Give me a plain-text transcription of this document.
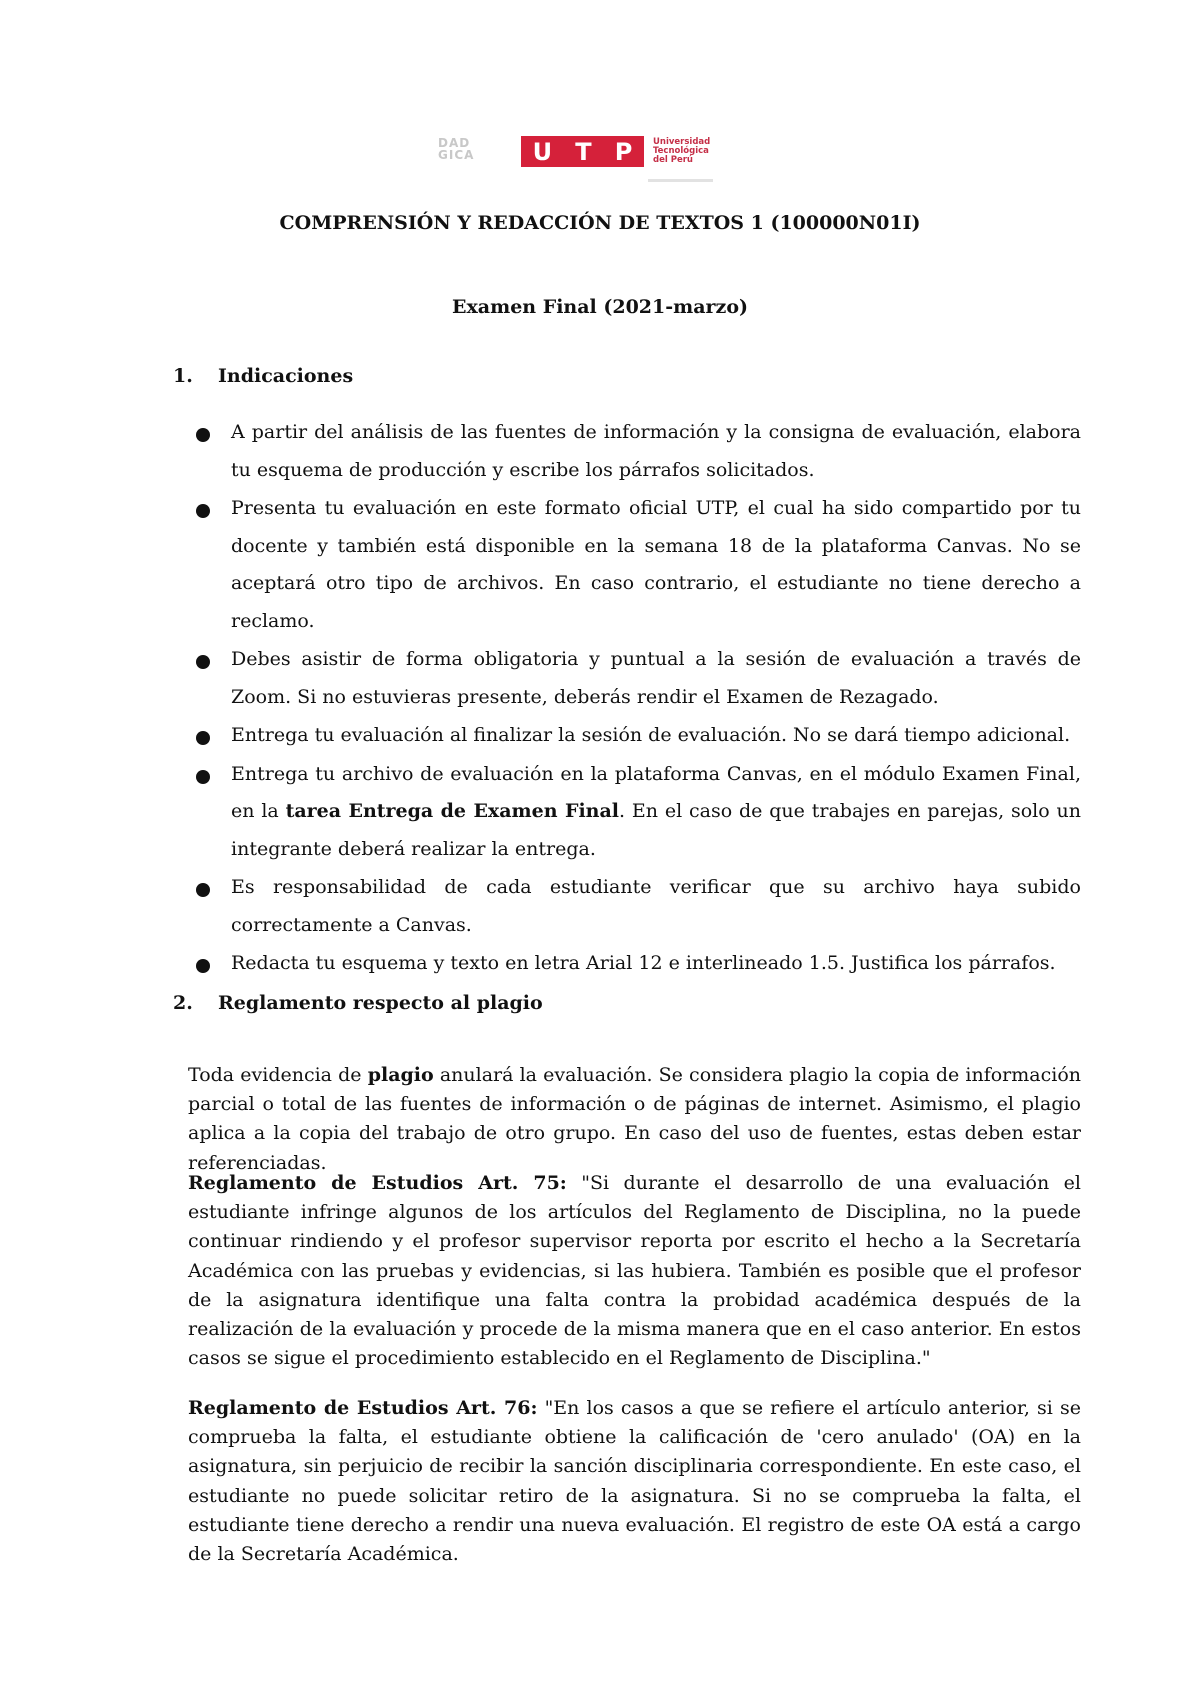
DAD
GICA U T P Universidad
Tecnológica
del Perú
COMPRENSIÓN Y REDACCIÓN DE TEXTOS 1 (100000N01I)
Examen Final (2021-marzo)
1. Indicaciones
A partir del análisis de las fuentes de información y la consigna de evaluación, elabora tu esquema de producción y escribe los párrafos solicitados.
Presenta tu evaluación en este formato oficial UTP, el cual ha sido compartido por tu docente y también está disponible en la semana 18 de la plataforma Canvas. No se aceptará otro tipo de archivos. En caso contrario, el estudiante no tiene derecho a reclamo.
Debes asistir de forma obligatoria y puntual a la sesión de evaluación a través de Zoom. Si no estuvieras presente, deberás rendir el Examen de Rezagado.
Entrega tu evaluación al finalizar la sesión de evaluación. No se dará tiempo adicional.
Entrega tu archivo de evaluación en la plataforma Canvas, en el módulo Examen Final, en la tarea Entrega de Examen Final. En el caso de que trabajes en parejas, solo un integrante deberá realizar la entrega.
Es responsabilidad de cada estudiante verificar que su archivo haya subido correctamente a Canvas.
Redacta tu esquema y texto en letra Arial 12 e interlineado 1.5. Justifica los párrafos.
2. Reglamento respecto al plagio

Toda evidencia de plagio anulará la evaluación. Se considera plagio la copia de información parcial o total de las fuentes de información o de páginas de internet. Asimismo, el plagio aplica a la copia del trabajo de otro grupo. En caso del uso de fuentes, estas deben estar referenciadas.

Reglamento de Estudios Art. 75: "Si durante el desarrollo de una evaluación el estudiante infringe algunos de los artículos del Reglamento de Disciplina, no la puede continuar rindiendo y el profesor supervisor reporta por escrito el hecho a la Secretaría Académica con las pruebas y evidencias, si las hubiera. También es posible que el profesor de la asignatura identifique una falta contra la probidad académica después de la realización de la evaluación y procede de la misma manera que en el caso anterior. En estos casos se sigue el procedimiento establecido en el Reglamento de Disciplina."

Reglamento de Estudios Art. 76: "En los casos a que se refiere el artículo anterior, si se comprueba la falta, el estudiante obtiene la calificación de 'cero anulado' (OA) en la asignatura, sin perjuicio de recibir la sanción disciplinaria correspondiente. En este caso, el estudiante no puede solicitar retiro de la asignatura. Si no se comprueba la falta, el estudiante tiene derecho a rendir una nueva evaluación. El registro de este OA está a cargo de la Secretaría Académica.
